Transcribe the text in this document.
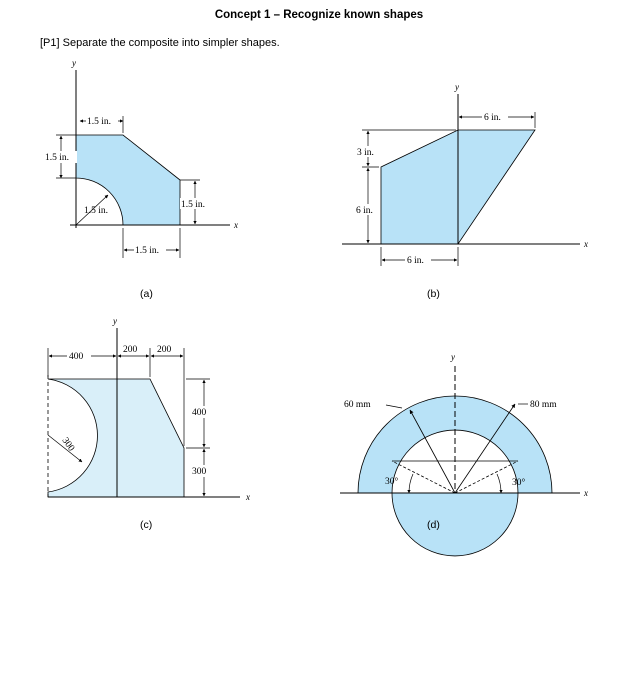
Concept 1 – Recognize known shapes
[P1] Separate the composite into simpler shapes.
y
x
1.5 in.
1.5 in.
1.5 in.
1.5 in.
1.5 in.
(a)
y
x
6 in.
3 in.
6 in.
6 in.
(b)
y
x
400
200 200
300
400
300
(c)
y
x
60 mm	80 mm
30°	30°
(d)
